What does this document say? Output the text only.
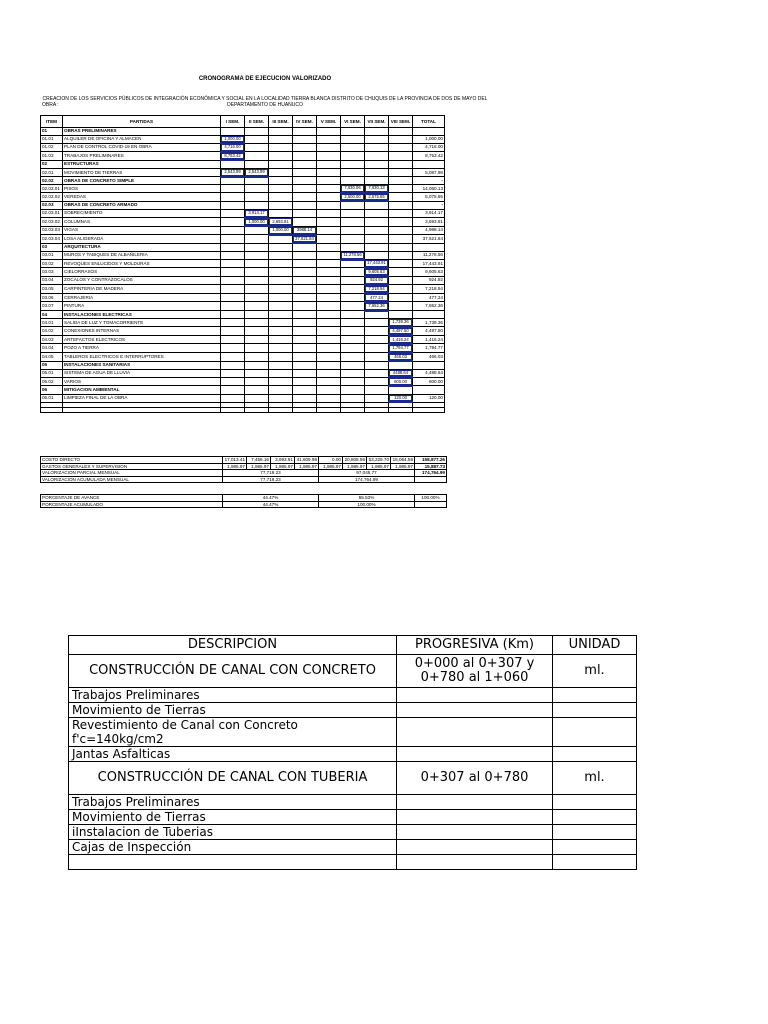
CRONOGRAMA DE EJECUCION VALORIZADO
OBRA :
CREACION DE LOS SERVICIOS PÚBLICOS DE INTEGRACIÓN ECONÓMICA Y SOCIAL EN LA LOCALIDAD TIERRA BLANCA DISTRITO DE CHUQUIS DE LA PROVINCIA DE DOS DE MAYO DEL DEPARTAMENTO DE HUANUCO
ITEM	PARTIDAS	I SEM.	II SEM.	III SEM.	IV SEM.	V SEM.	VI SEM.	VII SEM.	VIII SEM.	TOTAL
01	OBRAS PRELIMINARES									
01.01	ALQUILER DE OFICINA Y ALMACEN	1,000.00								1,000.00
01.02	PLAN DE CONTROL COVID-19 EN OBRA	4,716.00								4,716.00
01.03	TRABAJOS PRELIMINARES	8,753.42								8,753.42
02	ESTRUCTURAS									
02.01	MOVIMIENTO DE TIERRAS	2,543.99	2,543.99							5,087.98
02.02	OBRAS DE CONCRETO SIMPLE									-
02.02.01	PISOS						7,030.06	7,030.13		14,060.13
02.02.02	VEREDAS						2,500.00	2,575.65		5,075.65
02.03	OBRAS DE CONCRETO ARMADO									-
02.03.01	SOBRECIMIENTO		3,914.17							3,914.17
02.03.02	COLUMNAS		1,000.00	2,693.81						3,693.81
02.03.03	VIGAS			1,000.00	3988.14					4,988.14
02.03.04	LOSA ALIGERADA				37,621.84					37,621.84
03	ARQUITECTURA									
03.01	MUROS Y TABIQUES DE ALBAÑILERIA						11,278.56			11,278.56
03.02	REVOQUES ENLUCIDOS Y MOLDURAS							17,443.91		17,443.91
03.03	CIELORRASOS							9,605.63		9,605.63
03.04	ZOCALOS Y CONTRAZOCALOS							924.92		924.92
03.05	CARPINTERIA DE MADERA							7,218.94		7,218.94
03.06	CERRAJERIA							477.24		477.24
03.07	PINTURA							7,652.36		7,652.36
04	INSTALACIONES ELECTRICAS									
04.01	SALIDA DE LUZ Y TOMACORRIENTE								1,739.36	1,739.36
04.02	CONEXIONES INTERNAS								4,497.50	4,497.50
04.03	ARTEFACTOS ELECTRICOS								1,416.24	1,416.24
04.04	POZO A TIERRA								1,794.77	1,794.77
04.05	TABLEROS ELECTRICOS E INTERRUPTORES								466.03	466.03
05	INSTALACIONES SANITARIAS									
05.01	SISTEMA DE AGUA DE LLUVIA								4488.64	4,488.64
05.02	VARIOS								600.00	600.00
06	MITIGACION AMBIENTAL									
06.01	LIMPIEZA FINAL DE LA OBRA								120.00	120.00

COSTO DIRECTO	17,013.41	7,458.16	3,693.81	41,609.98	0.00	20,808.56	53,229.70	15,064.58	158,877.26
GASTOS GENERALES Y SUPERVISION	1,985.97	1,985.97	1,985.97	1,985.97	1,985.97	1,985.97	1,985.97	1,985.97	15,887.73
VALORIZACION PARCIAL MENSUAL	77,719.23				97,045.77				174,764.99
VALORIZACION ACUMULADA MENSUAL	77,719.23				174,764.99				
PORCENTAJE DE AVANCE	44.47%	55.53%	100.00%
PORCENTAJE ACUMULADO	44.47%	100.00%	
DESCRIPCION	PROGRESIVA (Km)	UNIDAD
CONSTRUCCIÓN DE CANAL CON CONCRETO	0+000 al 0+307 y 0+780 al 1+060	ml.
Trabajos Preliminares		
Movimiento de Tierras		
Revestimiento de Canal con Concreto f'c=140kg/cm2		
Jantas Asfalticas		
CONSTRUCCIÓN DE CANAL CON TUBERIA	0+307 al 0+780	ml.
Trabajos Preliminares		
Movimiento de Tierras		
iInstalacion de Tuberias		
Cajas de Inspección		
